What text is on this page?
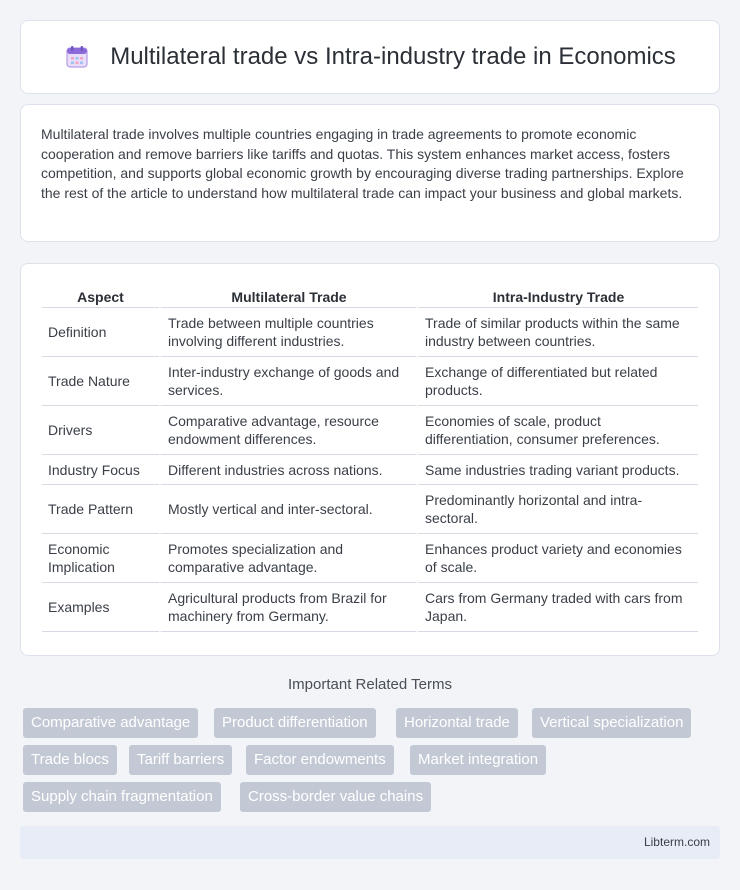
Multilateral trade vs Intra-industry trade in Economics

Multilateral trade involves multiple countries engaging in trade agreements to promote economic cooperation and remove barriers like tariffs and quotas. This system enhances market access, fosters competition, and supports global economic growth by encouraging diverse trading partnerships. Explore the rest of the article to understand how multilateral trade can impact your business and global markets.

Aspect	Multilateral Trade	Intra-Industry Trade
Definition	Trade between multiple countries involving different industries.	Trade of similar products within the same industry between countries.
Trade Nature	Inter-industry exchange of goods and services.	Exchange of differentiated but related products.
Drivers	Comparative advantage, resource endowment differences.	Economies of scale, product differentiation, consumer preferences.
Industry Focus	Different industries across nations.	Same industries trading variant products.
Trade Pattern	Mostly vertical and inter-sectoral.	Predominantly horizontal and intra-sectoral.
Economic Implication	Promotes specialization and comparative advantage.	Enhances product variety and economies of scale.
Examples	Agricultural products from Brazil for machinery from Germany.	Cars from Germany traded with cars from Japan.
Important Related Terms
Comparative advantage	Product differentiation	Horizontal trade	Vertical specialization
Trade blocs	Tariff barriers	Factor endowments	Market integration
Supply chain fragmentation	Cross-border value chains
Libterm.com
